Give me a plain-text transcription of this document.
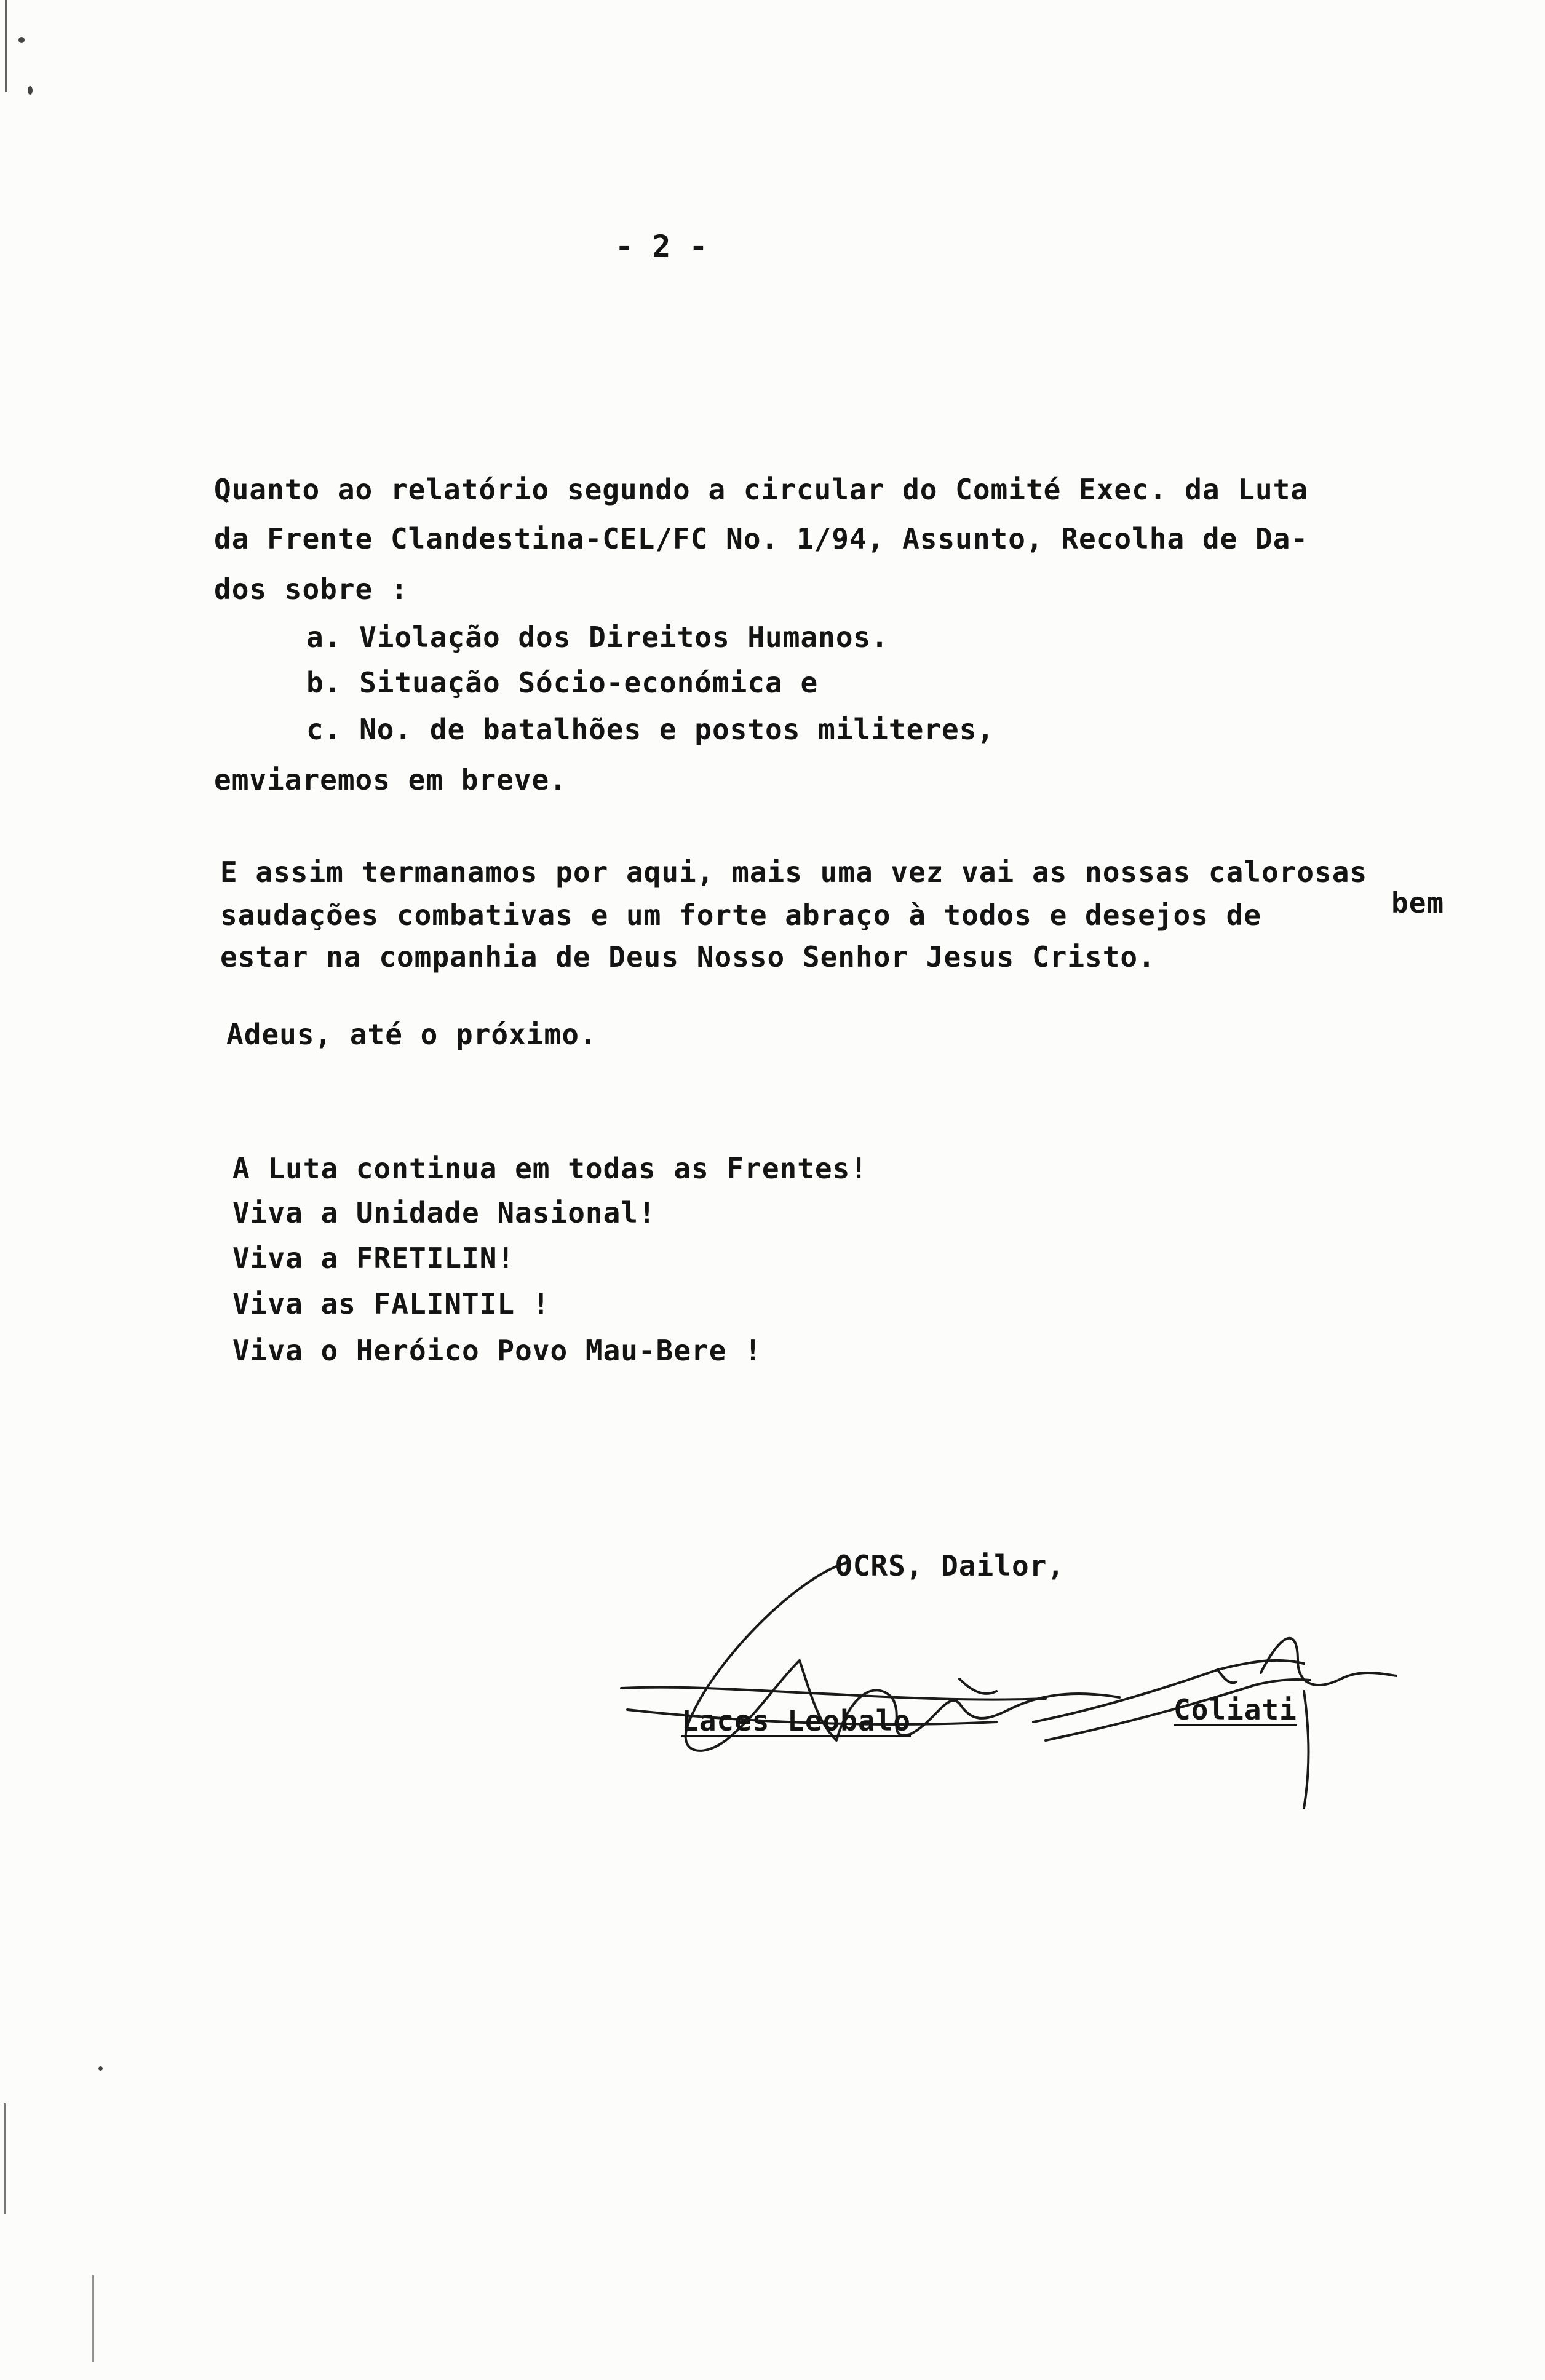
- 2 -
Quanto ao relatório segundo a circular do Comité Exec. da Luta
da Frente Clandestina-CEL/FC No. 1/94, Assunto, Recolha de Da-
dos sobre :
a. Violação dos Direitos Humanos.
b. Situação Sócio-económica e
c. No. de batalhões e postos militeres,
emviaremos em breve.
E assim termanamos por aqui, mais uma vez vai as nossas calorosas
saudações combativas e um forte abraço à todos e desejos de	bem
estar na companhia de Deus Nosso Senhor Jesus Cristo.
Adeus, até o próximo.
A Luta continua em todas as Frentes!
Viva a Unidade Nasional!
Viva a FRETILIN!
Viva as FALINTIL !
Viva o Heróico Povo Mau-Bere !
OCRS, Dailor,
Laces Leobalo	Coliati
